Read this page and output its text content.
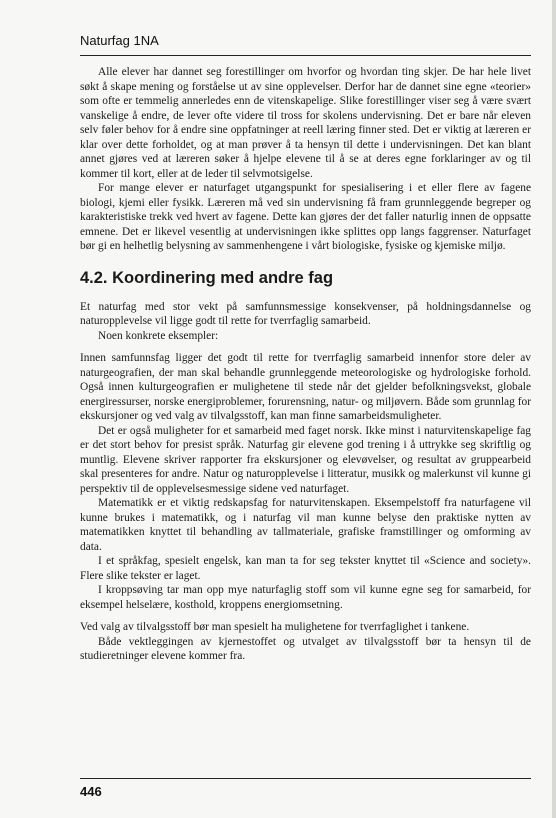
Naturfag 1NA

Alle elever har dannet seg forestillinger om hvorfor og hvordan ting skjer. De har hele livet søkt å skape mening og forståelse ut av sine opplevelser. Derfor har de dannet sine egne «teorier» som ofte er temmelig annerledes enn de vitenskapelige. Slike forestillinger viser seg å være svært vanskelige å endre, de lever ofte videre til tross for skolens undervisning. Det er bare når eleven selv føler behov for å endre sine oppfatninger at reell læring finner sted. Det er viktig at læreren er klar over dette forholdet, og at man prøver å ta hensyn til dette i undervisningen. Det kan blant annet gjøres ved at læreren søker å hjelpe elevene til å se at deres egne forklaringer av og til kommer til kort, eller at de leder til selvmotsigelse.

For mange elever er naturfaget utgangspunkt for spesialisering i et eller flere av fagene biologi, kjemi eller fysikk. Læreren må ved sin undervisning få fram grunnleggende begreper og karakteristiske trekk ved hvert av fagene. Dette kan gjøres der det faller naturlig innen de oppsatte emnene. Det er likevel vesentlig at undervisningen ikke splittes opp langs faggrenser. Naturfaget bør gi en helhetlig belysning av sammenhengene i vårt biologiske, fysiske og kjemiske miljø.

4.2. Koordinering med andre fag

Et naturfag med stor vekt på samfunnsmessige konsekvenser, på holdningsdannelse og naturopplevelse vil ligge godt til rette for tverrfaglig samarbeid.

Noen konkrete eksempler:

Innen samfunnsfag ligger det godt til rette for tverrfaglig samarbeid innenfor store deler av naturgeografien, der man skal behandle grunnleggende meteorologiske og hydrologiske forhold. Også innen kulturgeografien er mulighetene til stede når det gjelder befolkningsvekst, globale energiressurser, norske energiproblemer, forurensning, natur- og miljøvern. Både som grunnlag for ekskursjoner og ved valg av tilvalgsstoff, kan man finne samarbeidsmuligheter.

Det er også muligheter for et samarbeid med faget norsk. Ikke minst i naturvitenskapelige fag er det stort behov for presist språk. Naturfag gir elevene god trening i å uttrykke seg skriftlig og muntlig. Elevene skriver rapporter fra ekskursjoner og elevøvelser, og resultat av gruppearbeid skal presenteres for andre. Natur og naturopplevelse i litteratur, musikk og malerkunst vil kunne gi perspektiv til de opplevelsesmessige sidene ved naturfaget.

Matematikk er et viktig redskapsfag for naturvitenskapen. Eksempelstoff fra naturfagene vil kunne brukes i matematikk, og i naturfag vil man kunne belyse den praktiske nytten av matematikken knyttet til behandling av tallmateriale, grafiske framstillinger og omforming av data.

I et språkfag, spesielt engelsk, kan man ta for seg tekster knyttet til «Science and society». Flere slike tekster er laget.

I kroppsøving tar man opp mye naturfaglig stoff som vil kunne egne seg for samarbeid, for eksempel helselære, kosthold, kroppens energiomsetning.

Ved valg av tilvalgsstoff bør man spesielt ha mulighetene for tverrfaglighet i tankene.

Både vektleggingen av kjernestoffet og utvalget av tilvalgsstoff bør ta hensyn til de studieretninger elevene kommer fra.

446
